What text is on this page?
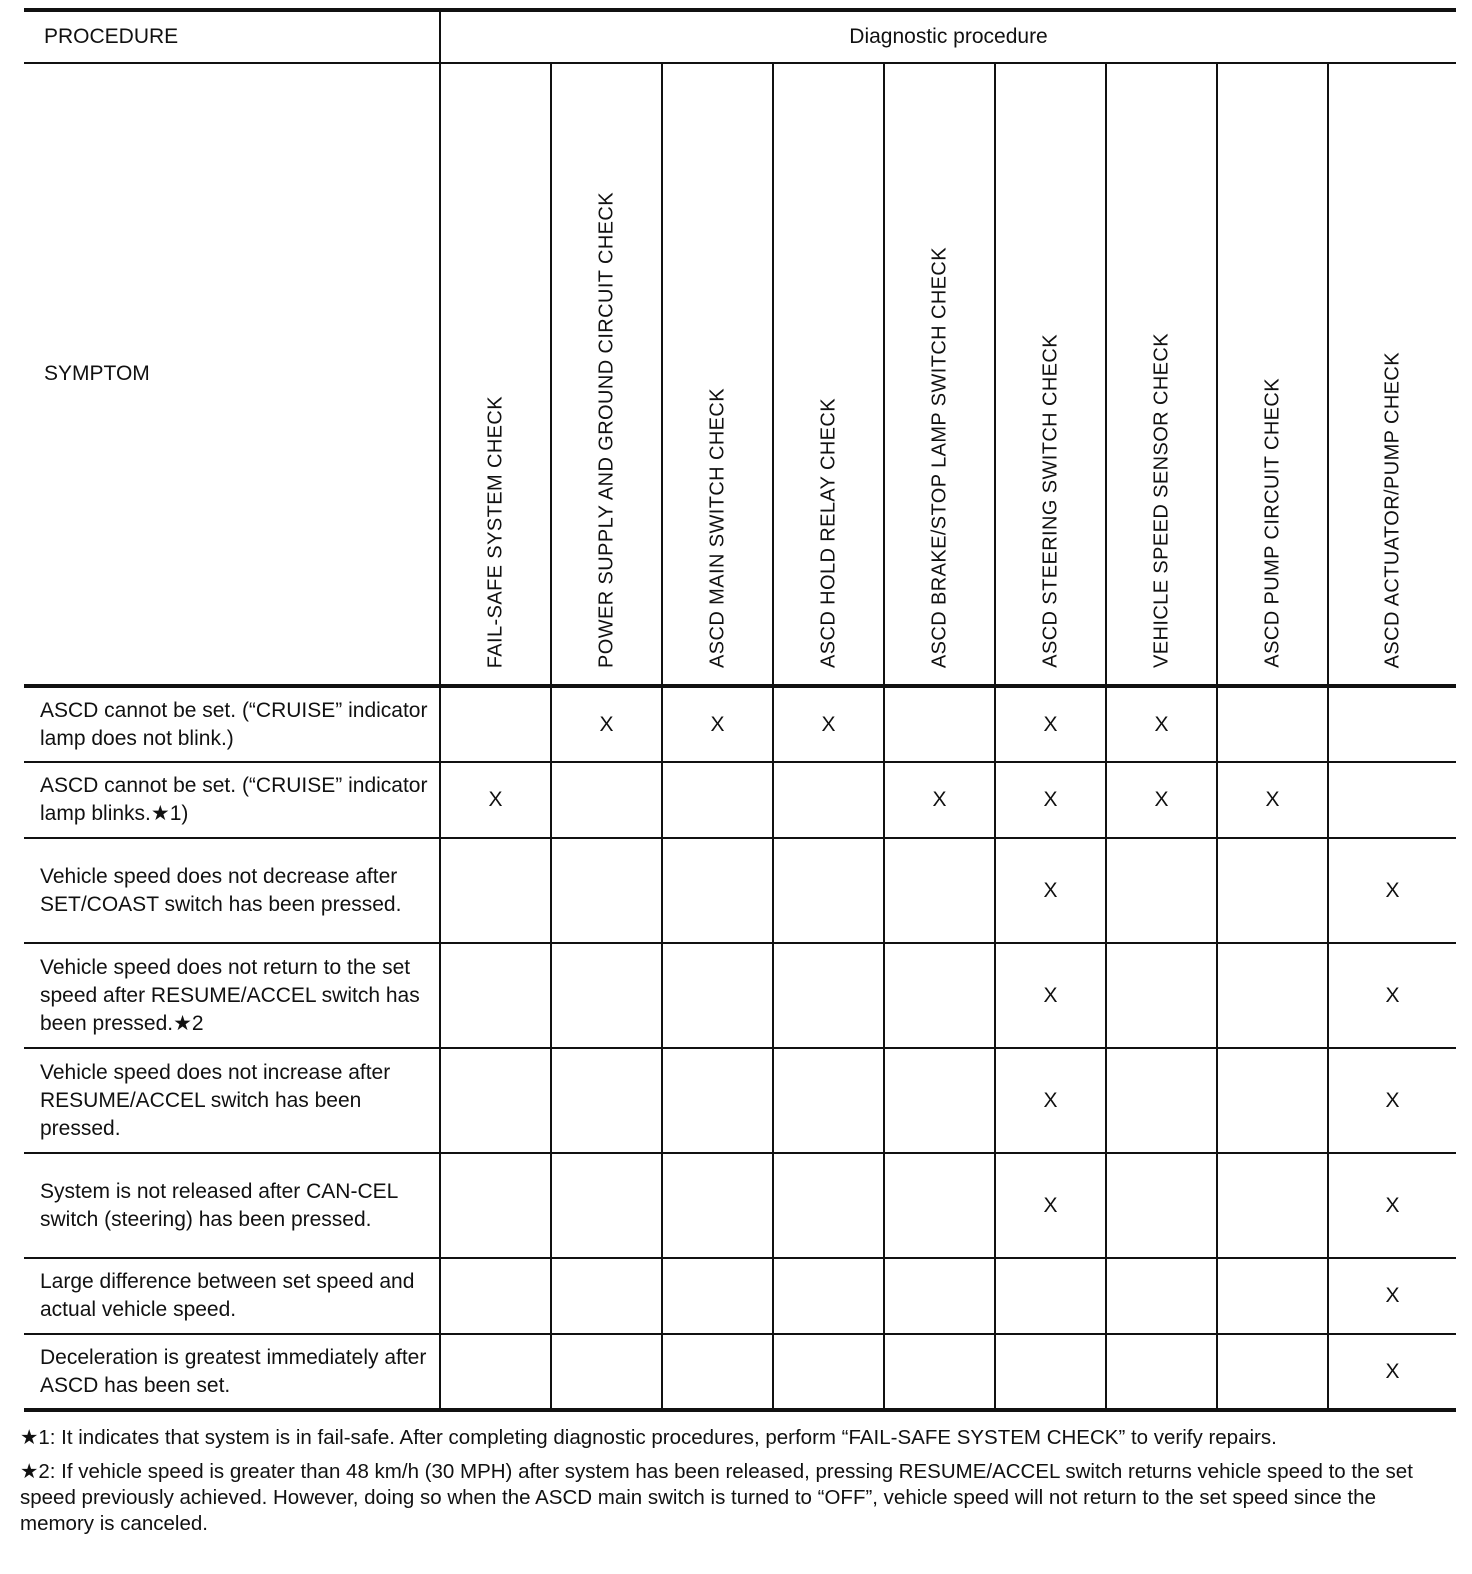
PROCEDURE	Diagnostic procedure								
SYMPTOM	FAIL-SAFE SYSTEM CHECK	POWER SUPPLY AND GROUND CIRCUIT CHECK	ASCD MAIN SWITCH CHECK	ASCD HOLD RELAY CHECK	ASCD BRAKE/STOP LAMP SWITCH CHECK	ASCD STEERING SWITCH CHECK	VEHICLE SPEED SENSOR CHECK	ASCD PUMP CIRCUIT CHECK	ASCD ACTUATOR/PUMP CHECK

ASCD cannot be set. (“CRUISE” indicator lamp does not blink.)		X	X	X		X	X		
ASCD cannot be set. (“CRUISE” indicator lamp blinks.★1)	X				X	X	X	X	
Vehicle speed does not decrease after SET/COAST switch has been pressed.						X			X
Vehicle speed does not return to the set speed after RESUME/ACCEL switch has been pressed.★2						X			X
Vehicle speed does not increase after RESUME/ACCEL switch has been pressed.						X			X
System is not released after CAN-CEL switch (steering) has been pressed.						X			X
Large difference between set speed and actual vehicle speed.									X
Deceleration is greatest immediately after ASCD has been set.									X

★1: It indicates that system is in fail-safe. After completing diagnostic procedures, perform “FAIL-SAFE SYSTEM CHECK” to verify repairs.

★2: If vehicle speed is greater than 48 km/h (30 MPH) after system has been released, pressing RESUME/ACCEL switch returns vehicle speed to the set speed previously achieved. However, doing so when the ASCD main switch is turned to “OFF”, vehicle speed will not return to the set speed since the memory is canceled.
